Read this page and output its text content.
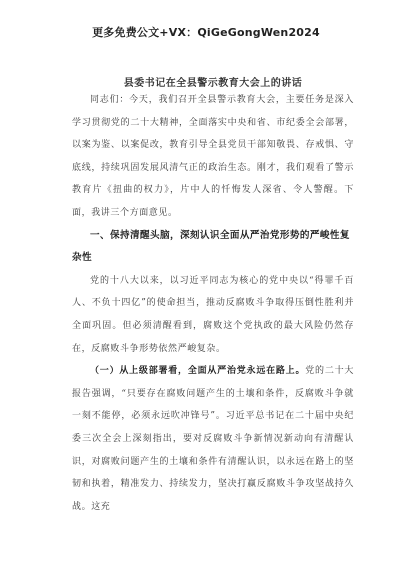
更多免费公文+VX：QiGeGongWen2024
县委书记在全县警示教育大会上的讲话
同志们：今天，我们召开全县警示教育大会，主要任务是深入学习贯彻党的二十大精神，全面落实中央和省、市纪委全会部署，以案为鉴、以案促改，教育引导全县党员干部知敬畏、存戒惧、守底线，持续巩固发展风清气正的政治生态。刚才，我们观看了警示教育片《扭曲的权力》，片中人的忏悔发人深省、令人警醒。下面，我讲三个方面意见。
一、保持清醒头脑，深刻认识全面从严治党形势的严峻性复杂性
党的十八大以来，以习近平同志为核心的党中央以“得罪千百人、不负十四亿”的使命担当，推动反腐败斗争取得压倒性胜利并全面巩固。但必须清醒看到，腐败这个党执政的最大风险仍然存在，反腐败斗争形势依然严峻复杂。
（一）从上级部署看，全面从严治党永远在路上。党的二十大报告强调，“只要存在腐败问题产生的土壤和条件，反腐败斗争就一刻不能停，必须永远吹冲锋号”。习近平总书记在二十届中央纪委三次全会上深刻指出，要对反腐败斗争新情况新动向有清醒认识，对腐败问题产生的土壤和条件有清醒认识，以永远在路上的坚韧和执着，精准发力、持续发力，坚决打赢反腐败斗争攻坚战持久战。这充
